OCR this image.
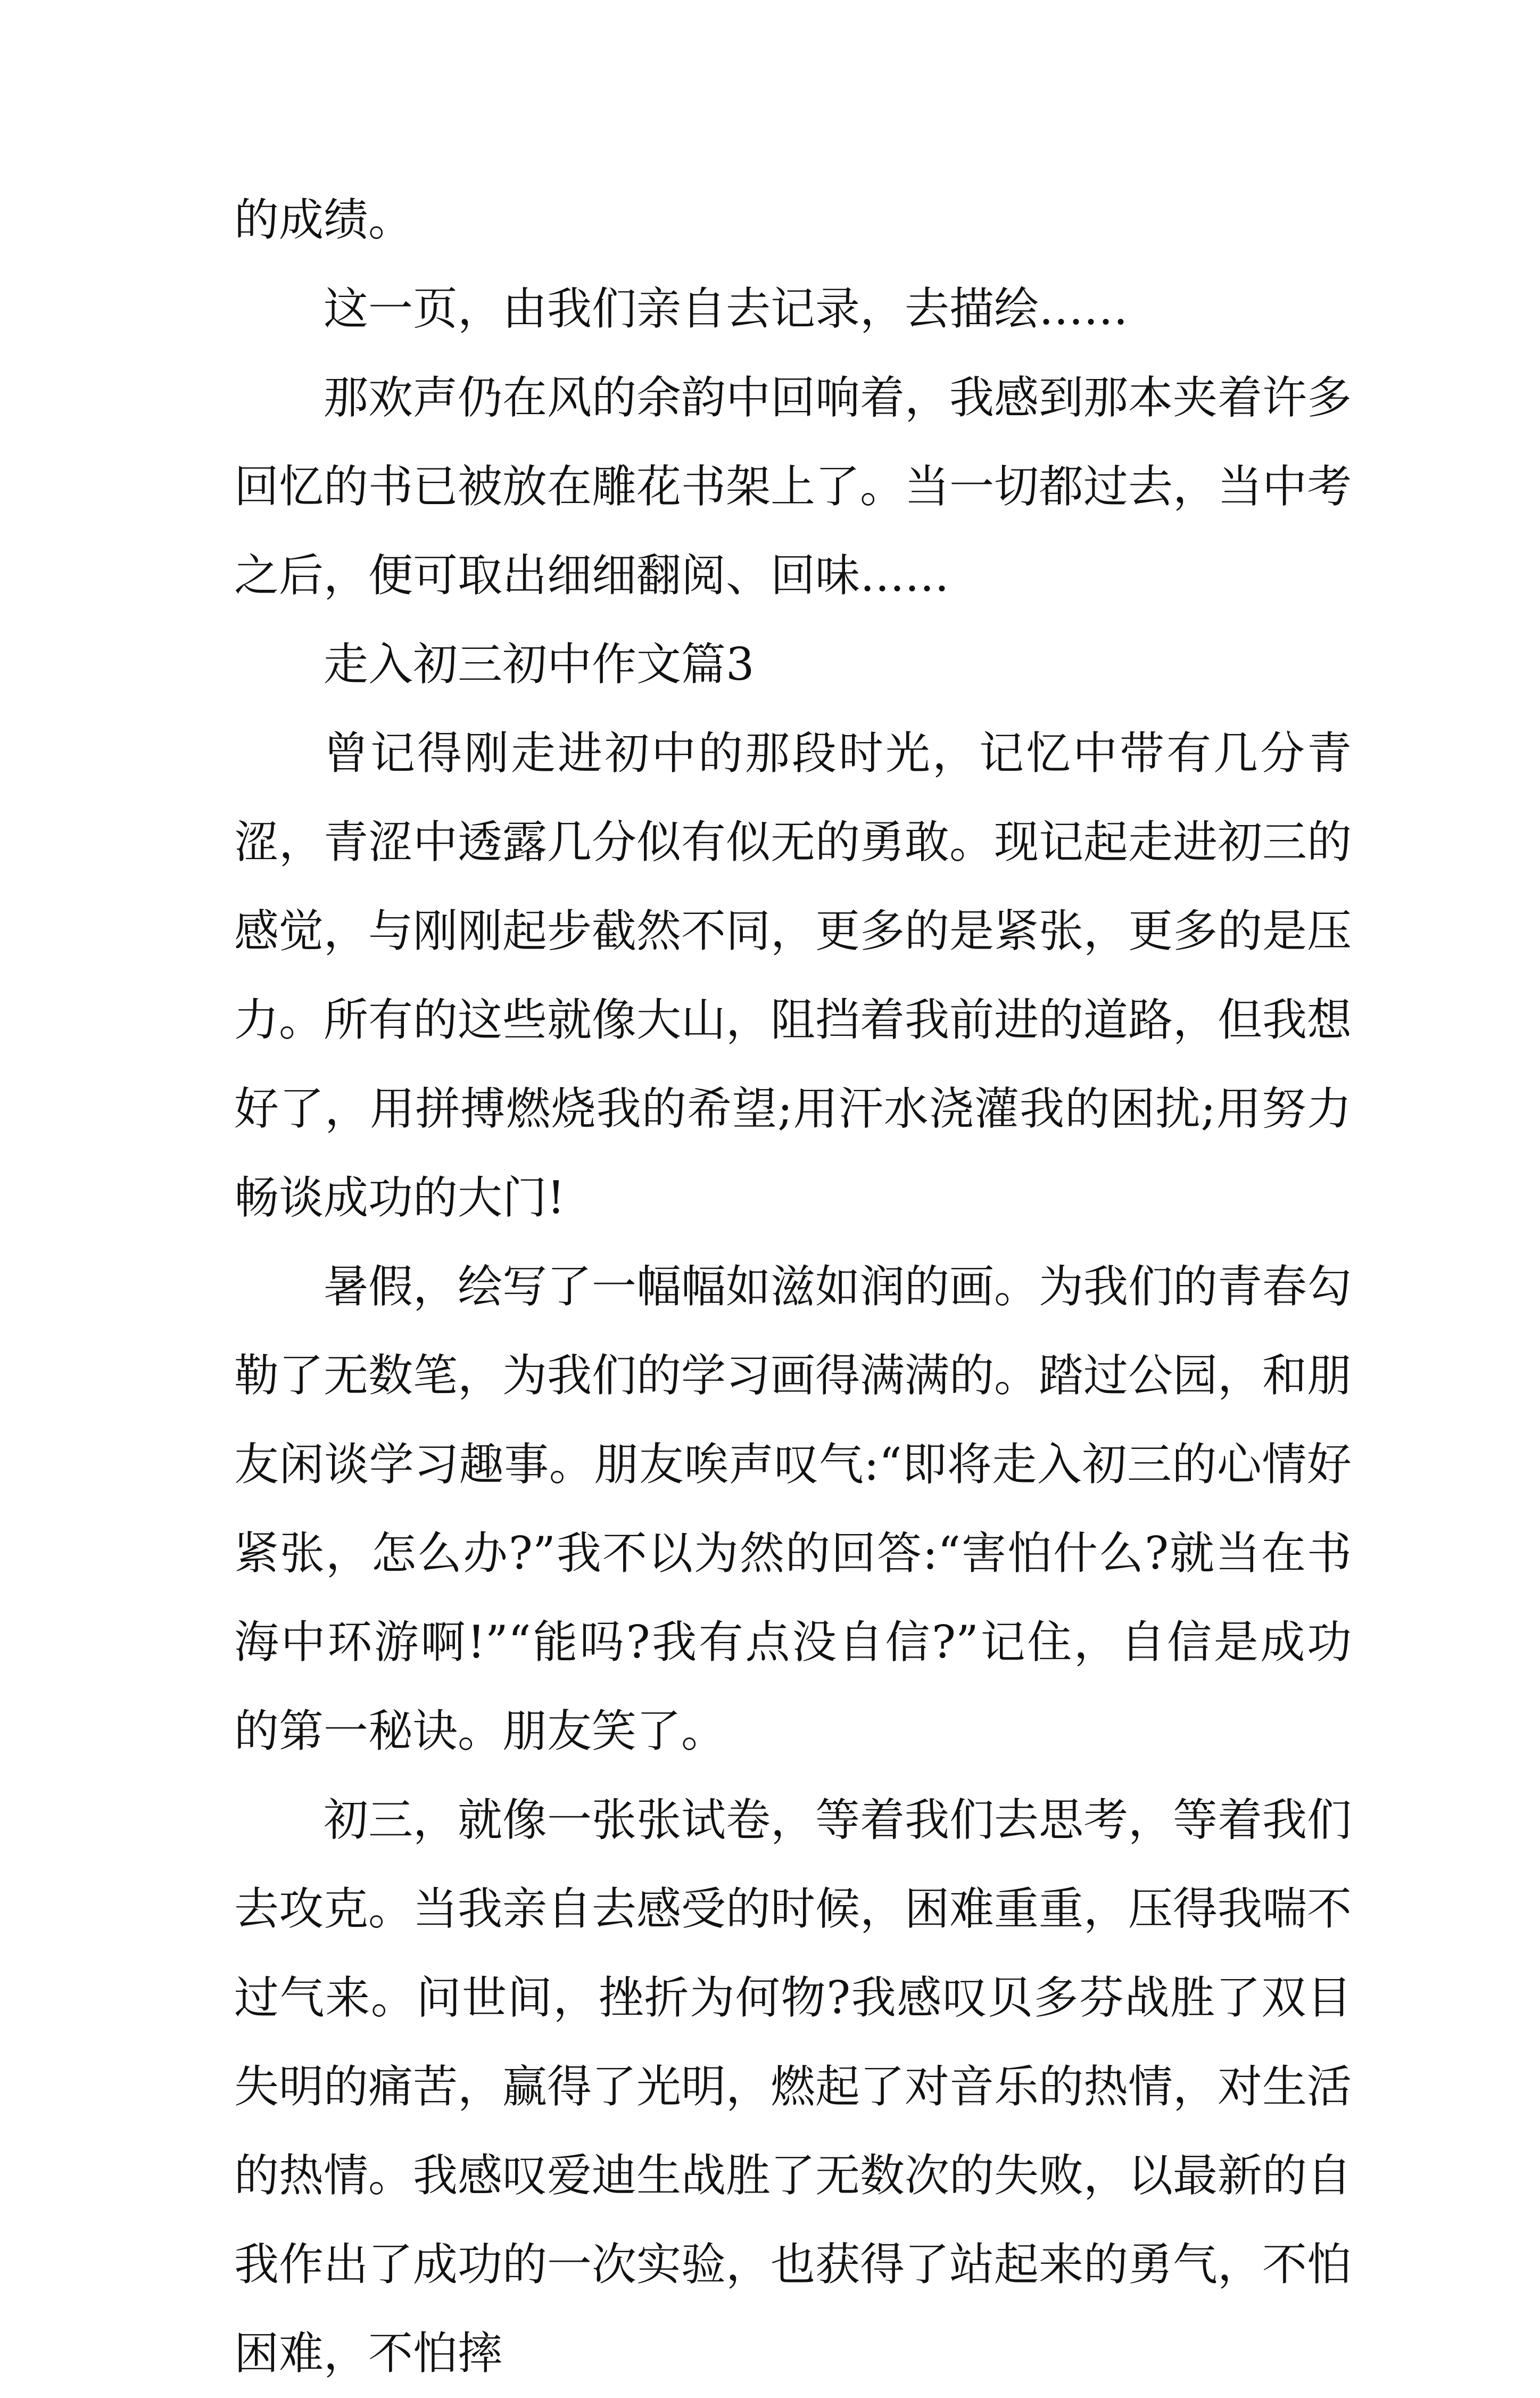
的成绩。

这一页，由我们亲自去记录，去描绘……

那欢声仍在风的余韵中回响着，我感到那本夹着许多回忆的书已被放在雕花书架上了。当一切都过去，当中考之后，便可取出细细翻阅、回味……

走入初三初中作文篇3

曾记得刚走进初中的那段时光，记忆中带有几分青涩，青涩中透露几分似有似无的勇敢。现记起走进初三的感觉，与刚刚起步截然不同，更多的是紧张，更多的是压力。所有的这些就像大山，阻挡着我前进的道路，但我想好了，用拼搏燃烧我的希望;用汗水浇灌我的困扰;用努力畅谈成功的大门!

暑假，绘写了一幅幅如滋如润的画。为我们的青春勾勒了无数笔，为我们的学习画得满满的。踏过公园，和朋友闲谈学习趣事。朋友唉声叹气:“即将走入初三的心情好紧张，怎么办?”我不以为然的回答:“害怕什么?就当在书海中环游啊!”“能吗?我有点没自信?”记住，自信是成功的第一秘诀。朋友笑了。

初三，就像一张张试卷，等着我们去思考，等着我们去攻克。当我亲自去感受的时候，困难重重，压得我喘不过气来。问世间，挫折为何物?我感叹贝多芬战胜了双目失明的痛苦，赢得了光明，燃起了对音乐的热情，对生活的热情。我感叹爱迪生战胜了无数次的失败，以最新的自我作出了成功的一次实验，也获得了站起来的勇气，不怕困难，不怕摔
